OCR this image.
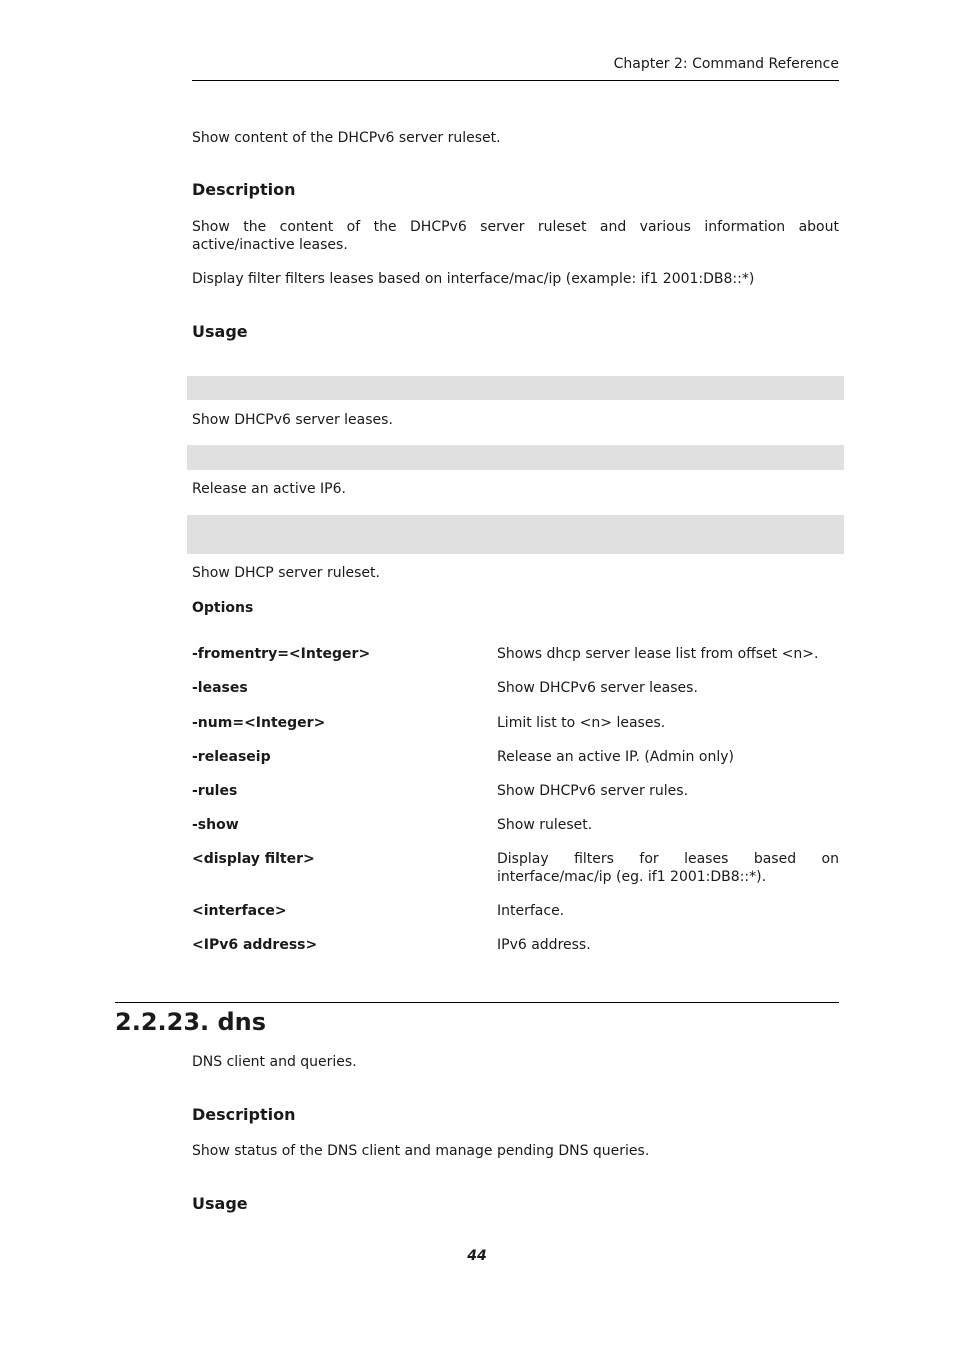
Chapter 2: Command Reference
Show content of the DHCPv6 server ruleset.
Description
Show the content of the DHCPv6 server ruleset and various information about active/inactive leases.
Display filter filters leases based on interface/mac/ip (example: if1 2001:DB8::*)
Usage
Show DHCPv6 server leases.
Release an active IP6.
Show DHCP server ruleset.
Options
-fromentry=<Integer>	Shows dhcp server lease list from offset <n>.
-leases	Show DHCPv6 server leases.
-num=<Integer>	Limit list to <n> leases.
-releaseip	Release an active IP. (Admin only)
-rules	Show DHCPv6 server rules.
-show	Show ruleset.
<display filter>	Display filters for leases based on interface/mac/ip (eg. if1 2001:DB8::*).
<interface>	Interface.
<IPv6 address>	IPv6 address.
2.2.23. dns
DNS client and queries.
Description
Show status of the DNS client and manage pending DNS queries.
Usage
44
